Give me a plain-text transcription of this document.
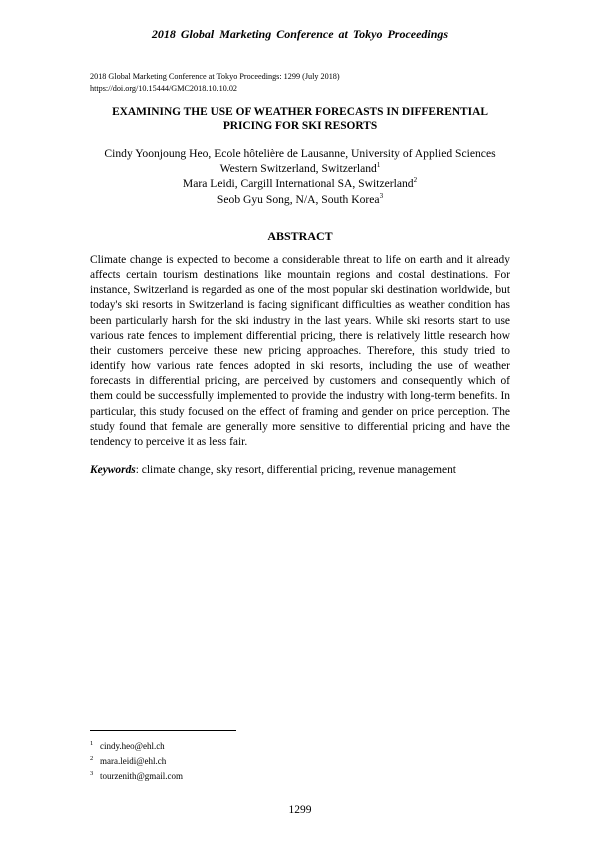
2018 Global Marketing Conference at Tokyo Proceedings
2018 Global Marketing Conference at Tokyo Proceedings: 1299 (July 2018)
https://doi.org/10.15444/GMC2018.10.10.02
EXAMINING THE USE OF WEATHER FORECASTS IN DIFFERENTIAL
PRICING FOR SKI RESORTS
Cindy Yoonjoung Heo, Ecole hôtelière de Lausanne, University of Applied Sciences
Western Switzerland, Switzerland$^1$
Mara Leidi, Cargill International SA, Switzerland$^2$
Seob Gyu Song, N/A, South Korea$^3$
ABSTRACT

Climate change is expected to become a considerable threat to life on earth and it already affects certain tourism destinations like mountain regions and costal destinations. For instance, Switzerland is regarded as one of the most popular ski destination worldwide, but today's ski resorts in Switzerland is facing significant difficulties as weather condition has been particularly harsh for the ski industry in the last years. While ski resorts start to use various rate fences to implement differential pricing, there is relatively little research how their customers perceive these new pricing approaches. Therefore, this study tried to identify how various rate fences adopted in ski resorts, including the use of weather forecasts in differential pricing, are perceived by customers and consequently which of them could be successfully implemented to provide the industry with long-term benefits. In particular, this study focused on the effect of framing and gender on price perception. The study found that female are generally more sensitive to differential pricing and have the tendency to perceive it as less fair.

Keywords: climate change, sky resort, differential pricing, revenue management

1 cindy.heo@ehl.ch
2 mara.leidi@ehl.ch
3 tourzenith@gmail.com
1299
